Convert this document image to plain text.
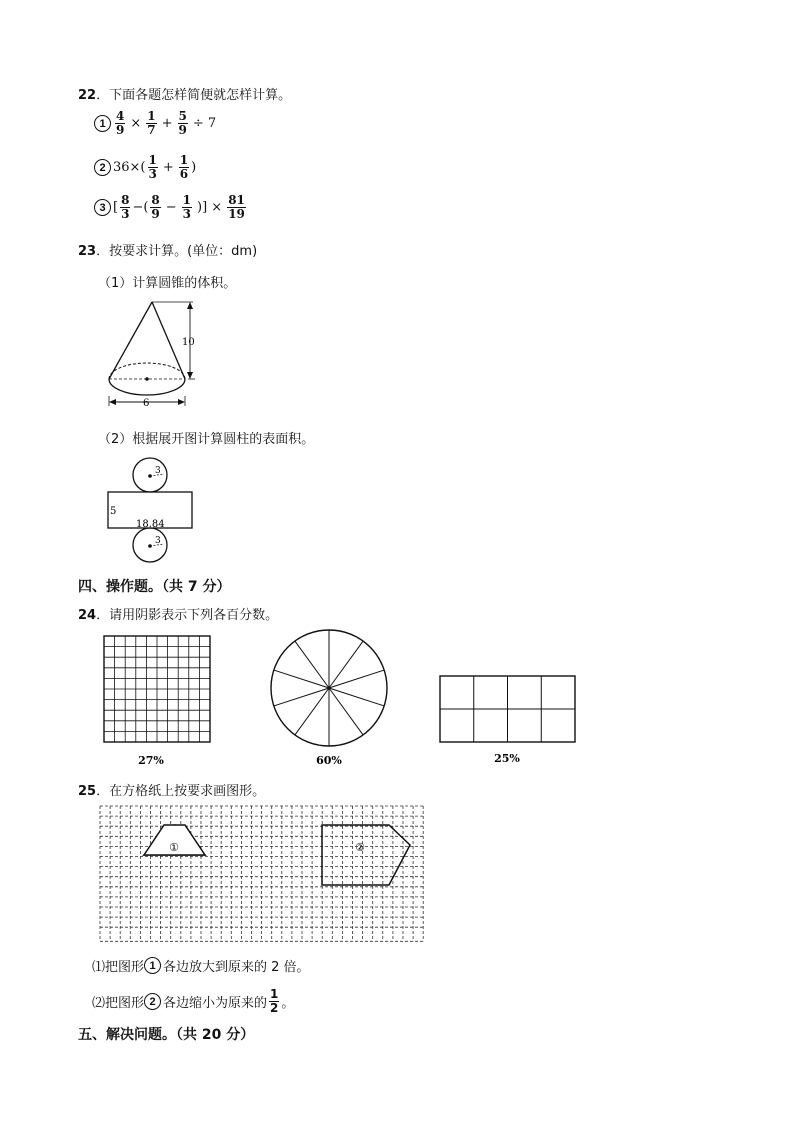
22．下面各题怎样简便就怎样计算。
$1 \frac{4}{9} \times \frac{1}{7} + \frac{5}{9} \div 7$
2 $36\times( \frac{1}{3} + \frac{1}{6}$ )
3 [ $\frac{8}{3}$ −( $\frac{8}{9} - \frac{1}{3}$ )] × $\frac{81}{19}$
23．按要求计算。(单位：dm)
（1）计算圆锥的体积。
10
6
（2）根据展开图计算圆柱的表面积。
3
5
18.84
3
四、操作题。（共 7 分）
24．请用阴影表示下列各百分数。
27%	60%	25%
25．在方格纸上按要求画图形。
①	②
⑴把图形 1 各边放大到原来的 2 倍。
⑵把图形 2 各边缩小为原来的 $\frac{1}{2}$ 。
五、解决问题。（共 20 分）
